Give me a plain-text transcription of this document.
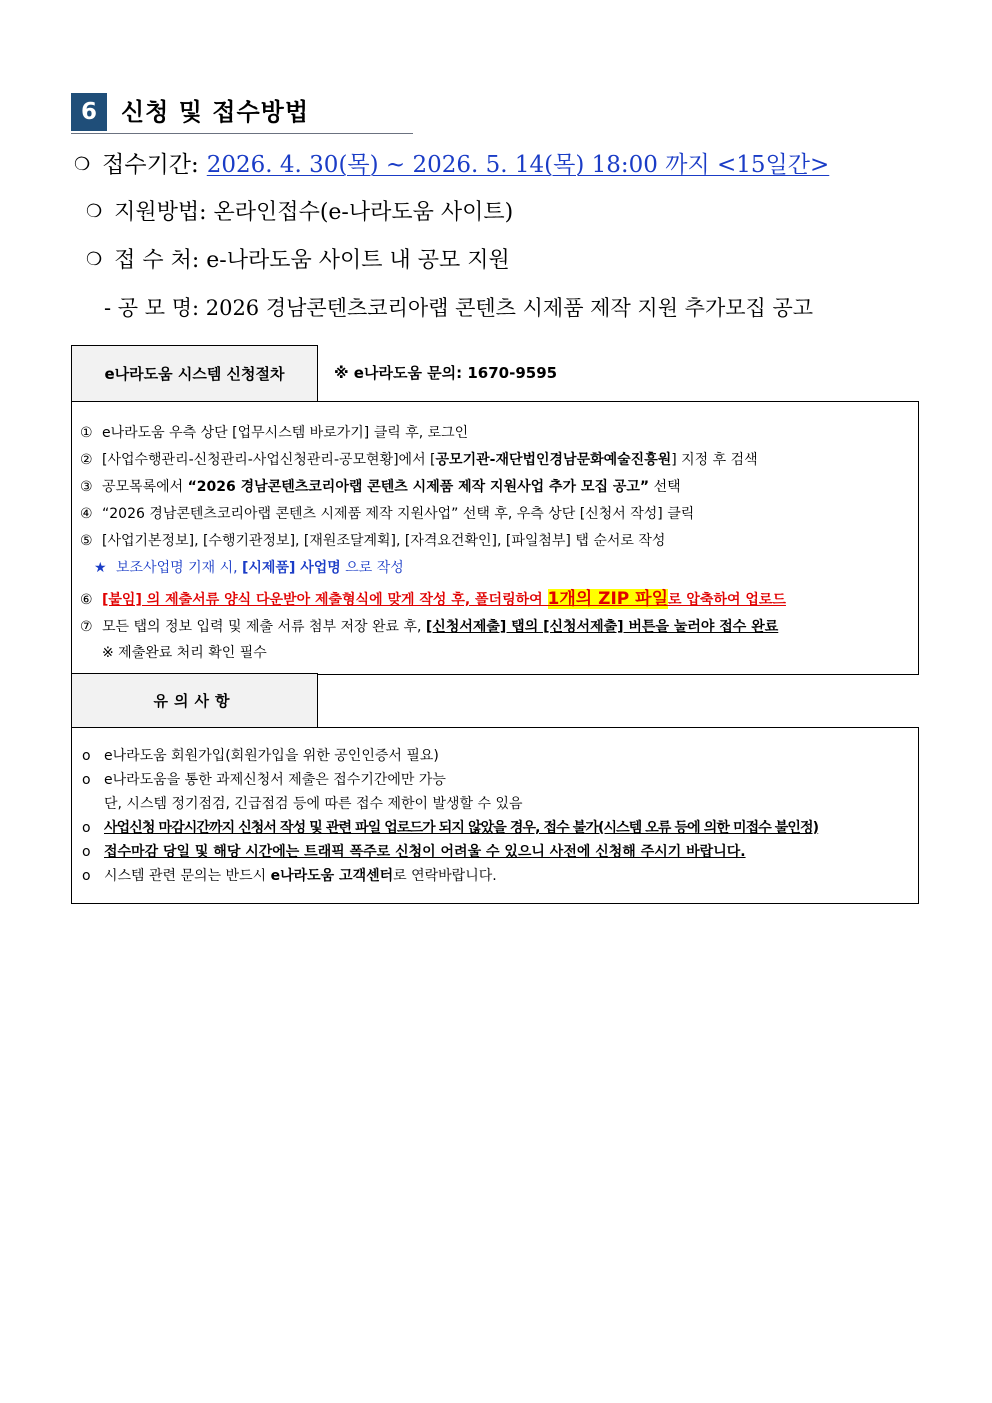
6	신청 및 접수방법
❍ 접수기간: 2026. 4. 30(목) ~ 2026. 5. 14(목) 18:00 까지 <15일간>
❍ 지원방법: 온라인접수(e-나라도움 사이트)
❍ 접 수 처: e-나라도움 사이트 내 공모 지원
- 공 모 명: 2026 경남콘텐츠코리아랩 콘텐츠 시제품 제작 지원 추가모집 공고
e나라도움 시스템 신청절차	※ e나라도움 문의: 1670-9595
① e나라도움 우측 상단 [업무시스템 바로가기] 클릭 후, 로그인
② [사업수행관리-신청관리-사업신청관리-공모현황]에서 [공모기관-재단법인경남문화예술진흥원] 지정 후 검색
③ 공모목록에서 “2026 경남콘텐츠코리아랩 콘텐츠 시제품 제작 지원사업 추가 모집 공고” 선택
④ “2026 경남콘텐츠코리아랩 콘텐츠 시제품 제작 지원사업” 선택 후, 우측 상단 [신청서 작성] 클릭
⑤ [사업기본정보], [수행기관정보], [재원조달계획], [자격요건확인], [파일첨부] 탭 순서로 작성
★ 보조사업명 기재 시, [시제품] 사업명 으로 작성
⑥ [붙임] 의 제출서류 양식 다운받아 제출형식에 맞게 작성 후, 폴더링하여 1개의 ZIP 파일로 압축하여 업로드
⑦ 모든 탭의 정보 입력 및 제출 서류 첨부 저장 완료 후, [신청서제출] 탭의 [신청서제출] 버튼을 눌러야 접수 완료
※ 제출완료 처리 확인 필수
유의사항
o e나라도움 회원가입(회원가입을 위한 공인인증서 필요)
o e나라도움을 통한 과제신청서 제출은 접수기간에만 가능
단, 시스템 정기점검, 긴급점검 등에 따른 접수 제한이 발생할 수 있음
o 사업신청 마감시간까지 신청서 작성 및 관련 파일 업로드가 되지 않았을 경우, 접수 불가(시스템 오류 등에 의한 미접수 불인정)
o 접수마감 당일 및 해당 시간에는 트래픽 폭주로 신청이 어려울 수 있으니 사전에 신청해 주시기 바랍니다.
o 시스템 관련 문의는 반드시 e나라도움 고객센터로 연락바랍니다.
